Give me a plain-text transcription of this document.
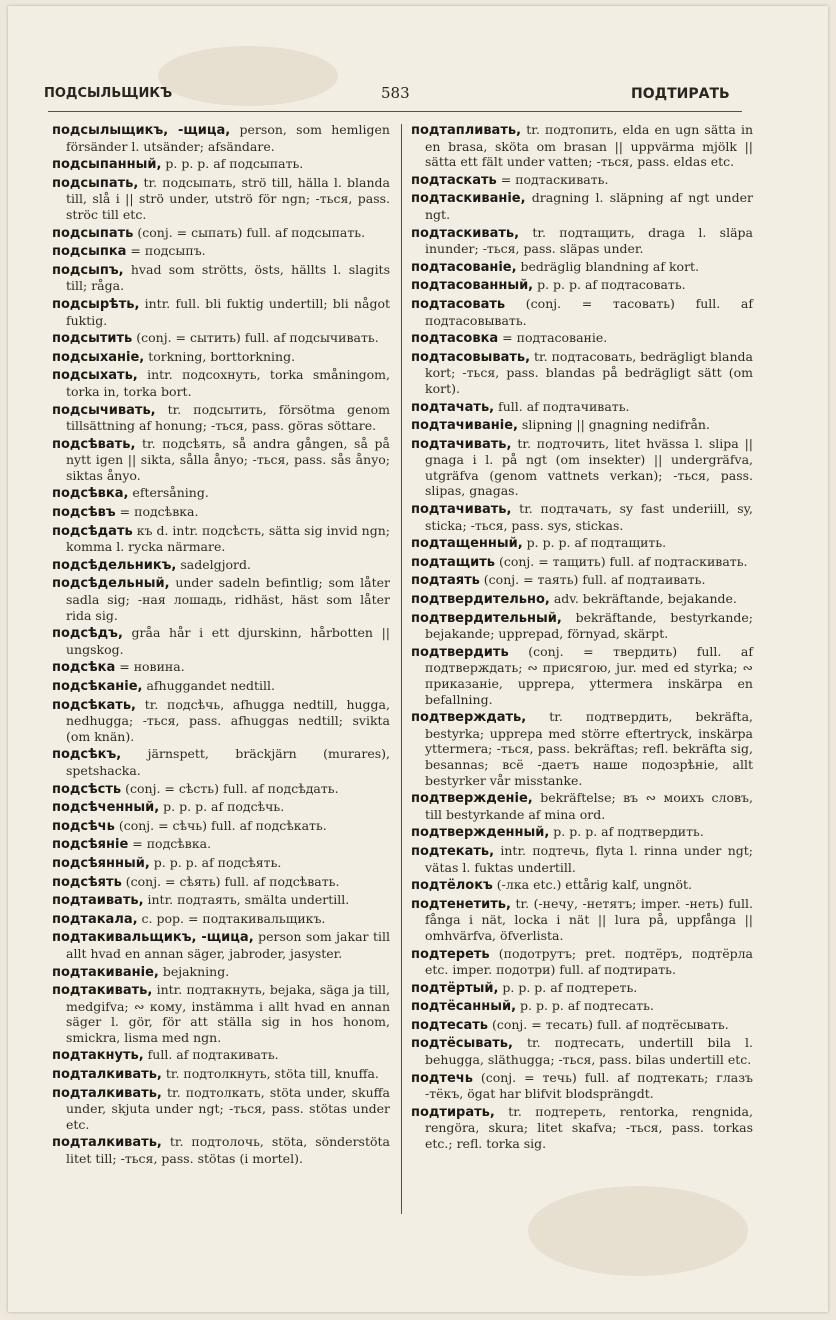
ПОДСЫЛЬЩИКЪ	583	ПОДТИРАТЬ
подсылыщикъ, -щица, person, som hemligen försänder l. utsänder; afsändare.
подсыпанный, p. p. p. af подсыпать.
подсыпать, tr. подсыпать, strö till, hälla l. blanda till, slå i || strö under, utströ för ngn; -ться, pass. ströс till etc.
подсыпать (conj. = сыпать) full. af подсыпать.
подсыпка = подсыпъ.
подсыпъ, hvad som strötts, östs, hällts l. slagits till; råga.
подсырѣть, intr. full. bli fuktig undertill; bli något fuktig.
подсытить (conj. = сытить) full. af подсычивать.
подсыханіе, torkning, borttorkning.
подсыхать, intr. подсохнуть, torka småningom, torka in, torka bort.
подсычивать, tr. подсытить, försötma genom tillsättning af honung; -ться, pass. göras söttare.
подсѣвать, tr. подсѣять, så andra gången, så på nytt igen || sikta, sålla ånyo; -ться, pass. sås ånyo; siktas ånyo.
подсѣвка, eftersåning.
подсѣвъ = подсѣвка.
подсѣдать къ d. intr. подсѣсть, sätta sig invid ngn; komma l. rycka närmare.
подсѣдельникъ, sadelgjord.
подсѣдельный, under sadeln befintlig; som låter sadla sig; -ная лошадь, ridhäst, häst som låter rida sig.
подсѣдъ, gråa hår i ett djurskinn, hårbotten || ungskog.
подсѣка = новина.
подсѣканіе, afhuggandet nedtill.
подсѣкать, tr. подсѣчь, afhugga nedtill, hugga, nedhugga; -ться, pass. afhuggas nedtill; svikta (om knän).
подсѣкъ, järnspett, bräckjärn (murares), spetshacka.
подсѣсть (conj. = сѣсть) full. af подсѣдать.
подсѣченный, p. p. p. af подсѣчь.
подсѣчь (conj. = сѣчь) full. af подсѣкать.
подсѣяніе = подсѣвка.
подсѣянный, p. p. p. af подсѣять.
подсѣять (conj. = сѣять) full. af подсѣвать.
подтаивать, intr. подтаять, smälta undertill.
подтакала, c. pop. = подтакивальщикъ.
подтакивальщикъ, -щица, person som jakar till allt hvad en annan säger, jabroder, jasyster.
подтакиваніе, bejakning.
подтакивать, intr. подтакнуть, bejaka, säga ja till, medgifva; ∾ кому, instämma i allt hvad en annan säger l. gör, för att ställa sig in hos honom, smickra, lisma med ngn.
подтакнуть, full. af подтакивать.
подталкивать, tr. подтолкнуть, stöta till, knuffa.
подталкивать, tr. подтолкать, stöta under, skuffa under, skjuta under ngt; -ться, pass. stötas under etc.
подталкивать, tr. подтолочь, stöta, sönderstöta litet till; -ться, pass. stötas (i mortel).
подтапливать, tr. подтопить, elda en ugn sätta in en brasa, sköta om brasan || uppvärma mjölk || sätta ett fält under vatten; -ться, pass. eldas etc.
подтаскать = подтаскивать.
подтаскиваніе, dragning l. släpning af ngt under ngt.
подтаскивать, tr. подтащить, draga l. släpa inunder; -ться, pass. släpas under.
подтасованіе, bedräglig blandning af kort.
подтасованный, p. p. p. af подтасовать.
подтасовать (conj. = тасовать) full. af подтасовывать.
подтасовка = подтасованіе.
подтасовывать, tr. подтасовать, bedrägligt blanda kort; -ться, pass. blandas på bedrägligt sätt (om kort).
подтачать, full. af подтачивать.
подтачиваніе, slipning || gnagning nedifrån.
подтачивать, tr. подточить, litet hvässa l. slipa || gnaga i l. på ngt (om insekter) || undergräfva, utgräfva (genom vattnets verkan); -ться, pass. slipas, gnagas.
подтачивать, tr. подтачать, sy fast underiill, sy, sticka; -ться, pass. sys, stickas.
подтащенный, p. p. p. af подтащить.
подтащить (conj. = тащить) full. af подтаскивать.
подтаять (conj. = таять) full. af подтаивать.
подтвердительно, adv. bekräftande, bejakande.
подтвердительный, bekräftande, bestyrkande; bejakande; upprepad, förnyad, skärpt.
подтвердить (conj. = твердить) full. af подтверждать; ∾ присягою, jur. med ed styrka; ∾ приказаніе, upprepa, yttermera inskärpa en befallning.
подтверждать, tr. подтвердить, bekräfta, bestyrka; upprepa med större eftertryck, inskärpa yttermera; -ться, pass. bekräftas; refl. bekräfta sig, besannas; всё -даетъ наше подозрѣніе, allt bestyrker vår misstanke.
подтвержденіе, bekräftelse; въ ∾ моихъ словъ, till bestyrkande af mina ord.
подтвержденный, p. p. p. af подтвердить.
подтекать, intr. подтечь, flyta l. rinna under ngt; vätas l. fuktas undertill.
подтёлокъ (-лка etc.) ettårig kalf, ungnöt.
подтенетить, tr. (-нечу, -нетятъ; imper. -неть) full. fånga i nät, locka i nät || lura på, uppfånga || omhvärfva, öfverlista.
подтереть (подотрутъ; pret. подтёръ, подтёрла etc. imper. подотри) full. af подтирать.
подтёртый, p. p. p. af подтереть.
подтёсанный, p. p. p. af подтесать.
подтесать (conj. = тесать) full. af подтёсывать.
подтёсывать, tr. подтесать, undertill bila l. behugga, släthugga; -ться, pass. bilas undertill etc.
подтечь (conj. = течь) full. af подтекать; глазъ -тёкъ, ögat har blifvit blodsprängdt.
подтирать, tr. подтереть, rentorka, rengnida, rengöra, skura; litet skafva; -ться, pass. torkas etc.; refl. torka sig.
